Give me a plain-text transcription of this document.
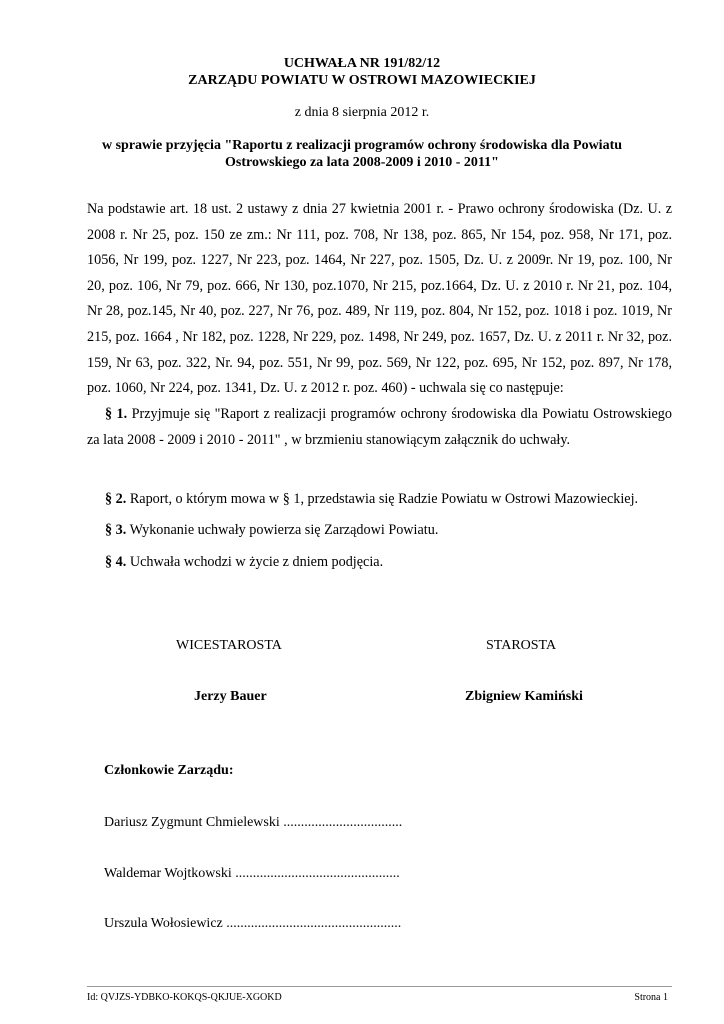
UCHWAŁA NR 191/82/12
ZARZĄDU POWIATU W OSTROWI MAZOWIECKIEJ
z dnia 8 sierpnia 2012 r.
w sprawie przyjęcia "Raportu z realizacji programów ochrony środowiska dla Powiatu
Ostrowskiego za lata 2008-2009 i 2010 - 2011"
Na podstawie art. 18 ust. 2 ustawy z dnia 27 kwietnia 2001 r. - Prawo ochrony środowiska (Dz. U. z 2008 r. Nr 25, poz. 150 ze zm.: Nr 111, poz. 708, Nr 138, poz. 865, Nr 154, poz. 958, Nr 171, poz. 1056, Nr 199, poz. 1227, Nr 223, poz. 1464, Nr 227, poz. 1505, Dz. U. z 2009r. Nr 19, poz. 100, Nr 20, poz. 106, Nr 79, poz. 666, Nr 130, poz.1070, Nr 215, poz.1664, Dz. U. z 2010 r. Nr 21, poz. 104, Nr 28, poz.145, Nr 40, poz. 227, Nr 76, poz. 489, Nr 119, poz. 804, Nr 152, poz. 1018 i poz. 1019, Nr 215, poz. 1664 , Nr 182, poz. 1228, Nr 229, poz. 1498, Nr 249, poz. 1657, Dz. U. z 2011 r. Nr 32, poz. 159, Nr 63, poz. 322, Nr. 94, poz. 551, Nr 99, poz. 569, Nr 122, poz. 695, Nr 152, poz. 897, Nr 178, poz. 1060, Nr 224, poz. 1341, Dz. U. z 2012 r. poz. 460) - uchwala się co następuje:
§ 1. Przyjmuje się "Raport z realizacji programów ochrony środowiska dla Powiatu Ostrowskiego za lata 2008 - 2009 i 2010 - 2011" , w brzmieniu stanowiącym załącznik do uchwały.
§ 2. Raport, o którym mowa w § 1, przedstawia się Radzie Powiatu w Ostrowi Mazowieckiej.
§ 3. Wykonanie uchwały powierza się Zarządowi Powiatu.
§ 4. Uchwała wchodzi w życie z dniem podjęcia.
WICESTAROSTA	STAROSTA
Jerzy Bauer	Zbigniew Kamiński
Członkowie Zarządu:
Dariusz Zygmunt Chmielewski ..................................
Waldemar Wojtkowski ...............................................
Urszula Wołosiewicz ..................................................
Id: QVJZS-YDBKO-KOKQS-QKJUE-XGOKD	Strona 1
